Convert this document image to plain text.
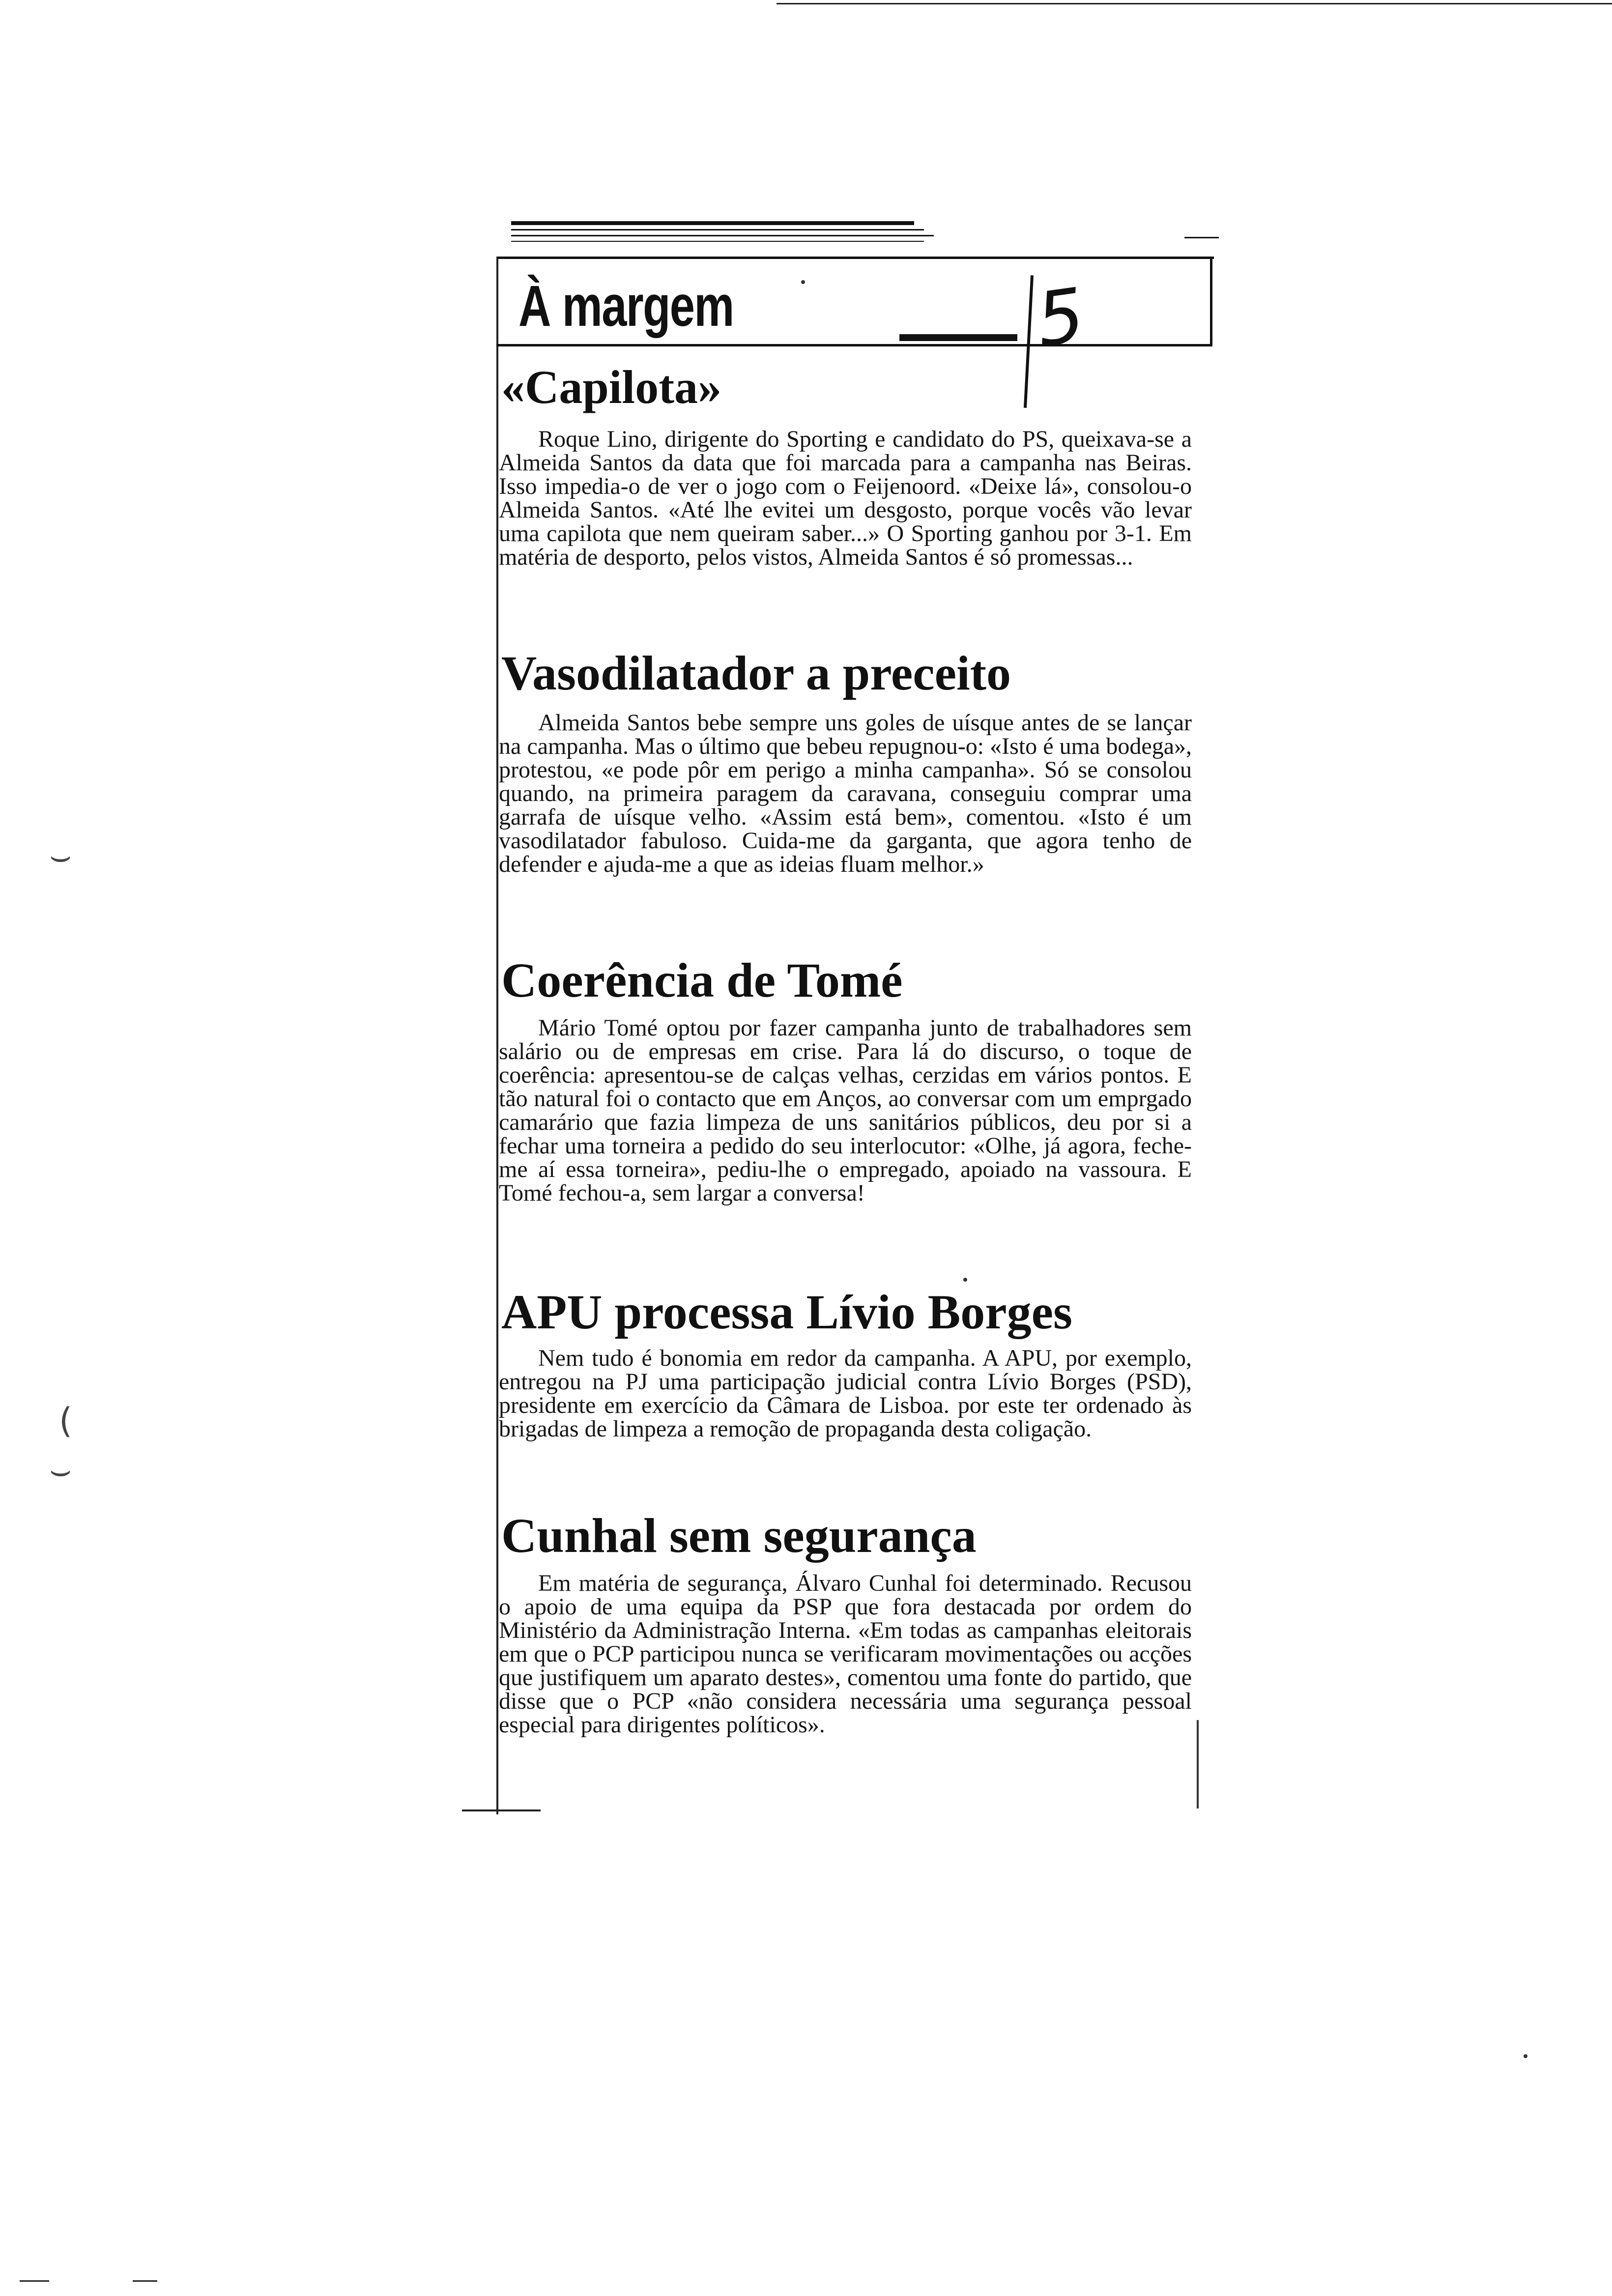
À margem	5
«Capilota»

Roque Lino, dirigente do Sporting e candidato do PS, queixava-se a Almeida Santos da data que foi marcada para a campanha nas Beiras. Isso impedia-o de ver o jogo com o Feijenoord. «Deixe lá», consolou-o Almeida Santos. «Até lhe evitei um desgosto, porque vocês vão levar uma capilota que nem queiram saber...» O Sporting ganhou por 3-1. Em matéria de desporto, pelos vistos, Almeida Santos é só promessas...

Vasodilatador a preceito

Almeida Santos bebe sempre uns goles de uísque antes de se lançar na campanha. Mas o último que bebeu repugnou-o: «Isto é uma bodega», protestou, «e pode pôr em perigo a minha campanha». Só se consolou quando, na primeira paragem da caravana, conseguiu comprar uma garrafa de uísque velho. «Assim está bem», comentou. «Isto é um vasodilatador fabuloso. Cuida-me da garganta, que agora tenho de defender e ajuda-me a que as ideias fluam melhor.»

Coerência de Tomé

Mário Tomé optou por fazer campanha junto de trabalhadores sem salário ou de empresas em crise. Para lá do discurso, o toque de coerência: apresentou-se de calças velhas, cerzidas em vários pontos. E tão natural foi o contacto que em Anços, ao conversar com um emprgado camarário que fazia limpeza de uns sanitários públicos, deu por si a fechar uma torneira a pedido do seu interlocutor: «Olhe, já agora, feche-me aí essa torneira», pediu-lhe o empregado, apoiado na vassoura. E Tomé fechou-a, sem largar a conversa!

APU processa Lívio Borges

Nem tudo é bonomia em redor da campanha. A APU, por exemplo, entregou na PJ uma participação judicial contra Lívio Borges (PSD), presidente em exercício da Câmara de Lisboa. por este ter ordenado às brigadas de limpeza a remoção de propaganda desta coligação.

Cunhal sem segurança

Em matéria de segurança, Álvaro Cunhal foi determinado. Recusou o apoio de uma equipa da PSP que fora destacada por ordem do Ministério da Administração Interna. «Em todas as campanhas eleitorais em que o PCP participou nunca se verificaram movimentações ou acções que justifiquem um aparato destes», comentou uma fonte do partido, que disse que o PCP «não considera necessária uma segurança pessoal especial para dirigentes políticos».

⌣
⌣
(
